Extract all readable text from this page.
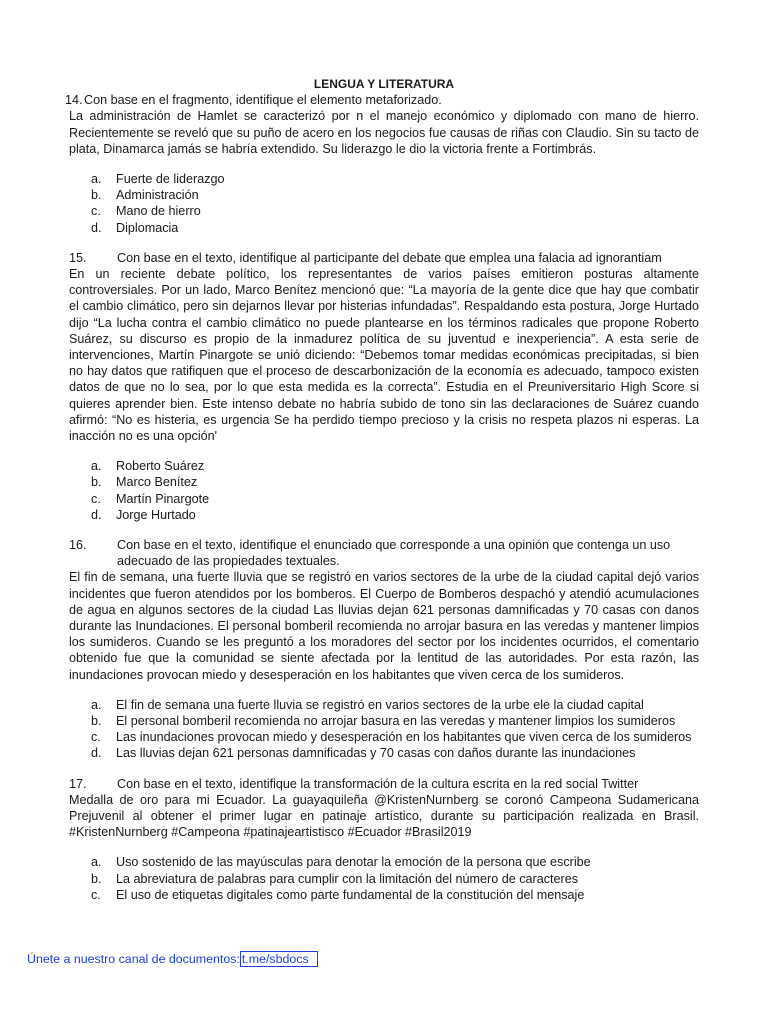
LENGUA Y LITERATURA
14. Con base en el fragmento, identifique el elemento metaforizado.

La administración de Hamlet se caracterizó por n el manejo económico y diplomado con mano de hierro. Recientemente se reveló que su puño de acero en los negocios fue causas de riñas con Claudio. Sin su tacto de plata, Dinamarca jamás se habría extendido. Su liderazgo le dio la victoria frente a Fortimbrás.

a.	Fuerte de liderazgo
b.	Administración
c.	Mano de hierro
d.	Diplomacia
15.	Con base en el texto, identifique al participante del debate que emplea una falacia ad ignorantiam

En un reciente debate político, los representantes de varios países emitieron posturas altamente controversiales. Por un lado, Marco Benítez mencionó que: “La mayoría de la gente dice que hay que combatir el cambio climático, pero sin dejarnos llevar por histerias infundadas”. Respaldando esta postura, Jorge Hurtado dijo “La lucha contra el cambio climático no puede plantearse en los términos radicales que propone Roberto Suárez, su discurso es propio de la inmadurez política de su juventud e inexperiencia”. A esta serie de intervenciones, Martín Pinargote se unió diciendo: “Debemos tomar medidas económicas precipitadas, si bien no hay datos que ratifiquen que el proceso de descarbonización de la economía es adecuado, tampoco existen datos de que no lo sea, por lo que esta medida es la correcta”. Estudia en el Preuniversitario High Score si quieres aprender bien. Este intenso debate no habría subido de tono sin las declaraciones de Suárez cuando afirmó: “No es histeria, es urgencia Se ha perdido tiempo precioso y la crisis no respeta plazos ni esperas. La inacción no es una opción'

a.	Roberto Suárez
b.	Marco Benítez
c.	Martín Pinargote
d.	Jorge Hurtado
16.	Con base en el texto, identifique el enunciado que corresponde a una opinión que contenga un uso adecuado de las propiedades textuales.

El fin de semana, una fuerte lluvia que se registró en varios sectores de la urbe de la ciudad capital dejó varios incidentes que fueron atendidos por los bomberos. El Cuerpo de Bomberos despachó y atendió acumulaciones de agua en algunos sectores de la ciudad Las lluvias dejan 621 personas damnificadas y 70 casas con danos durante las Inundaciones. El personal bomberil recomienda no arrojar basura en las veredas y mantener limpios los sumideros. Cuando se les preguntó a los moradores del sector por los incidentes ocurridos, el comentario obtenido fue que la comunidad se siente afectada por la lentitud de las autoridades. Por esta razón, las inundaciones provocan miedo y desesperación en los habitantes que viven cerca de los sumideros.

a.	El fin de semana una fuerte lluvia se registró en varios sectores de la urbe ele la ciudad capital
b.	El personal bomberil recomienda no arrojar basura en las veredas y mantener limpios los sumideros
c.	Las inundaciones provocan miedo y desesperación en los habitantes que viven cerca de los sumideros
d.	Las lluvias dejan 621 personas damnificadas y 70 casas con daños durante las inundaciones
17.	Con base en el texto, identifique la transformación de la cultura escrita en la red social Twitter

Medalla de oro para mi Ecuador. La guayaquileña @KristenNurnberg se coronó Campeona Sudamericana Prejuvenil al obtener el primer lugar en patinaje artístico, durante su participación realizada en Brasil. #KristenNurnberg #Campeona #patinajeartistisco #Ecuador #Brasil2019

a.	Uso sostenido de las mayúsculas para denotar la emoción de la persona que escribe
b.	La abreviatura de palabras para cumplir con la limitación del número de caracteres
c.	El uso de etiquetas digitales como parte fundamental de la constitución del mensaje
Únete a nuestro canal de documentos: t.me/sbdocs
